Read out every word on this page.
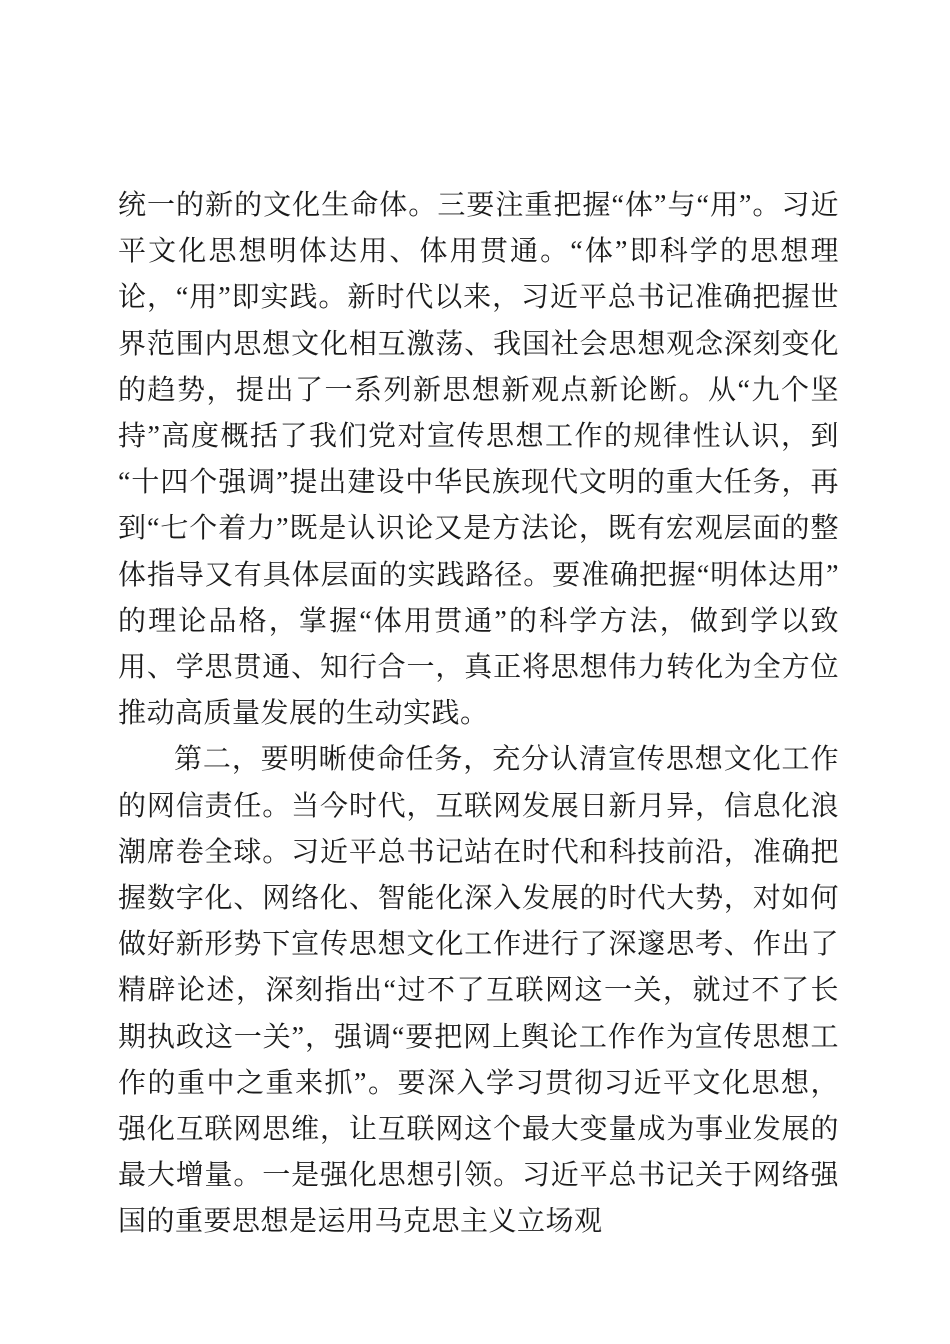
统一的新的文化生命体。三要注重把握“体”与“用”。习近平文化思想明体达用、体用贯通。“体”即科学的思想理论，“用”即实践。新时代以来，习近平总书记准确把握世界范围内思想文化相互激荡、我国社会思想观念深刻变化的趋势，提出了一系列新思想新观点新论断。从“九个坚持”高度概括了我们党对宣传思想工作的规律性认识，到“十四个强调”提出建设中华民族现代文明的重大任务，再到“七个着力”既是认识论又是方法论，既有宏观层面的整体指导又有具体层面的实践路径。要准确把握“明体达用”的理论品格，掌握“体用贯通”的科学方法，做到学以致用、学思贯通、知行合一，真正将思想伟力转化为全方位推动高质量发展的生动实践。

第二，要明晰使命任务，充分认清宣传思想文化工作的网信责任。当今时代，互联网发展日新月异，信息化浪潮席卷全球。习近平总书记站在时代和科技前沿，准确把握数字化、网络化、智能化深入发展的时代大势，对如何做好新形势下宣传思想文化工作进行了深邃思考、作出了精辟论述，深刻指出“过不了互联网这一关，就过不了长期执政这一关”，强调“要把网上舆论工作作为宣传思想工作的重中之重来抓”。要深入学习贯彻习近平文化思想，强化互联网思维，让互联网这个最大变量成为事业发展的最大增量。一是强化思想引领。习近平总书记关于网络强国的重要思想是运用马克思主义立场观
